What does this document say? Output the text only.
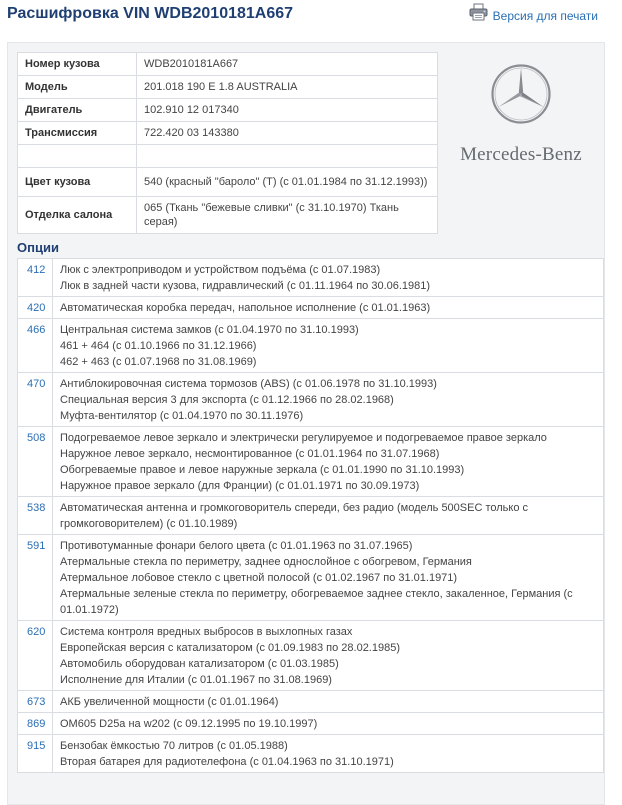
Расшифровка VIN WDB2010181A667	Версия для печати
Номер кузова	WDB2010181A667
Модель	201.018 190 E 1.8 AUSTRALIA
Двигатель	102.910 12 017340
Трансмиссия	722.420 03 143380

Цвет кузова	540 (красный "бароло" (T) (с 01.01.1984 по 31.12.1993))
Отделка салона	065 (Ткань "бежевые сливки" (с 31.10.1970) Ткань серая)
Mercedes-Benz
Опции
412	Люк с электроприводом и устройством подъёма (с 01.07.1983)
Люк в задней части кузова, гидравлический (с 01.11.1964 по 30.06.1981)

420	Автоматическая коробка передач, напольное исполнение (с 01.01.1963)

466	Центральная система замков (с 01.04.1970 по 31.10.1993)
461 + 464 (с 01.10.1966 по 31.12.1966)
462 + 463 (с 01.07.1968 по 31.08.1969)

470	Антиблокировочная система тормозов (ABS) (с 01.06.1978 по 31.10.1993)
Специальная версия 3 для экспорта (с 01.12.1966 по 28.02.1968)
Муфта-вентилятор (с 01.04.1970 по 30.11.1976)

508	Подогреваемое левое зеркало и электрически регулируемое и подогреваемое правое зеркало
Наружное левое зеркало, несмонтированное (с 01.01.1964 по 31.07.1968)
Обогреваемые правое и левое наружные зеркала (с 01.01.1990 по 31.10.1993)
Наружное правое зеркало (для Франции) (с 01.01.1971 по 30.09.1973)

538	Автоматическая антенна и громкоговоритель спереди, без радио (модель 500SEC только с громкоговорителем) (с 01.10.1989)

591	Противотуманные фонари белого цвета (с 01.01.1963 по 31.07.1965)
Атермальные стекла по периметру, заднее однослойное с обогревом, Германия
Атермальное лобовое стекло с цветной полосой (с 01.02.1967 по 31.01.1971)
Атермальные зеленые стекла по периметру, обогреваемое заднее стекло, закаленное, Германия (с 01.01.1972)

620	Система контроля вредных выбросов в выхлопных газах
Европейская версия с катализатором (с 01.09.1983 по 28.02.1985)
Автомобиль оборудован катализатором (с 01.03.1985)
Исполнение для Италии (с 01.01.1967 по 31.08.1969)

673	АКБ увеличенной мощности (с 01.01.1964)

869	OM605 D25a на w202 (с 09.12.1995 по 19.10.1997)

915	Бензобак ёмкостью 70 литров (с 01.05.1988)
Вторая батарея для радиотелефона (с 01.04.1963 по 31.10.1971)
